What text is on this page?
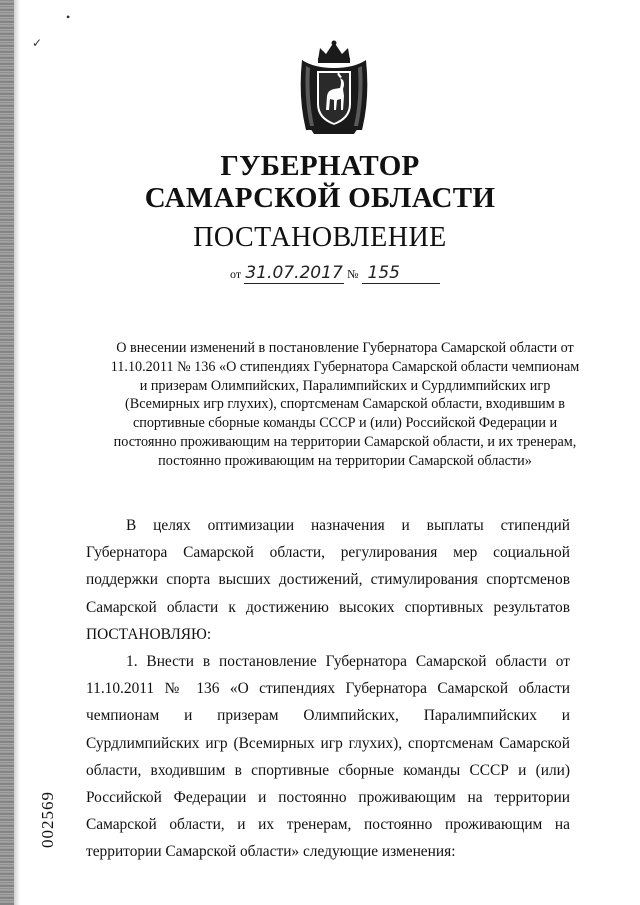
•
✓
ГУБЕРНАТОР
САМАРСКОЙ ОБЛАСТИ
ПОСТАНОВЛЕНИЕ
от 31.07.2017 № 155
О внесении изменений в постановление Губернатора Самарской области от 11.10.2011 № 136 «О стипендиях Губернатора Самарской области чемпионам и призерам Олимпийских, Паралимпийских и Сурдлимпийских игр (Всемирных игр глухих), спортсменам Самарской области, входившим в спортивные сборные команды СССР и (или) Российской Федерации и постоянно проживающим на территории Самарской области, и их тренерам, постоянно проживающим на территории Самарской области»

В целях оптимизации назначения и выплаты стипендий Губернатора Самарской области, регулирования мер социальной поддержки спорта высших достижений, стимулирования спортсменов Самарской области к достижению высоких спортивных результатов ПОСТАНОВЛЯЮ:

1. Внести в постановление Губернатора Самарской области от 11.10.2011 № 136 «О стипендиях Губернатора Самарской области чемпионам и призерам Олимпийских, Паралимпийских и Сурдлимпийских игр (Всемирных игр глухих), спортсменам Самарской области, входившим в спортивные сборные команды СССР и (или) Российской Федерации и постоянно проживающим на территории Самарской области, и их тренерам, постоянно проживающим на территории Самарской области» следующие изменения:

002569
